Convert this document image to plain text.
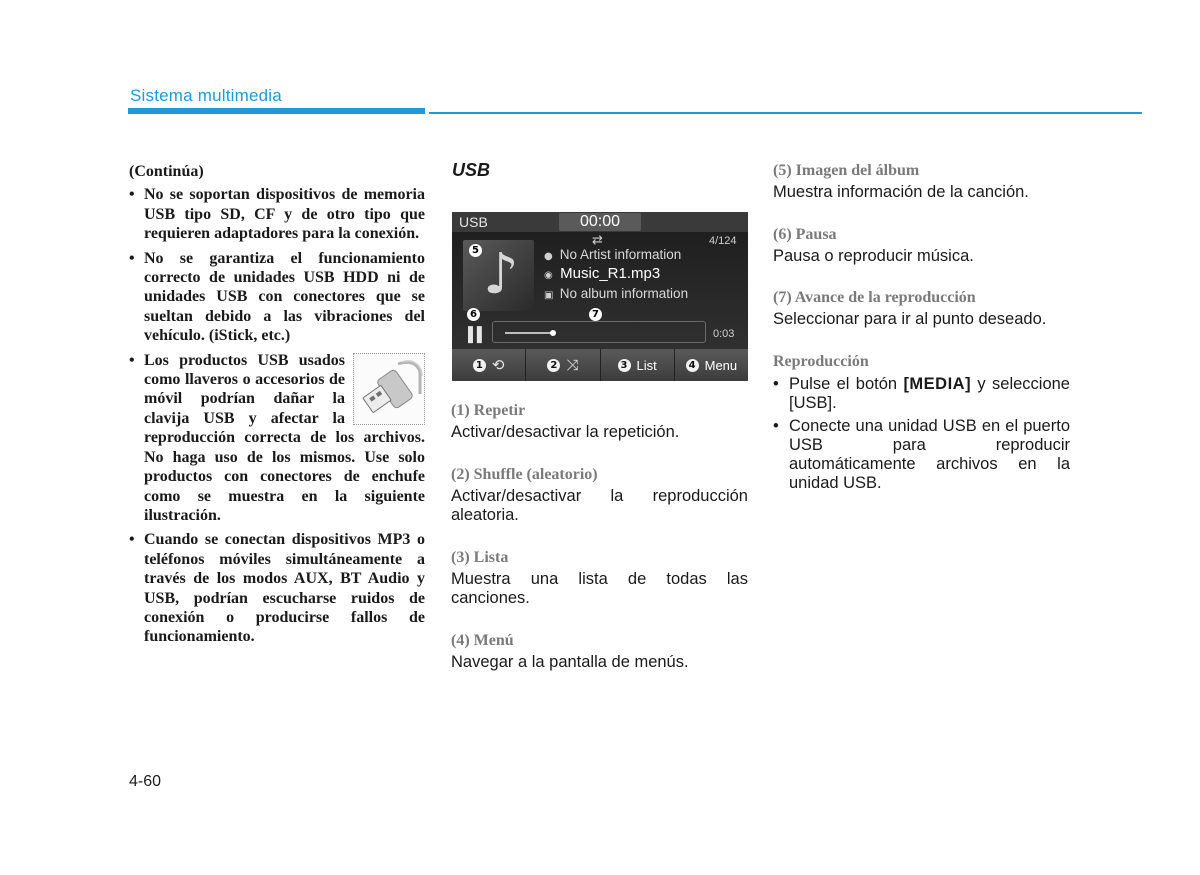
Sistema multimedia

(Continúa)

• No se soportan dispositivos de memoria USB tipo SD, CF y de otro tipo que requieren adaptadores para la conexión.
• No se garantiza el funcionamiento correcto de unidades USB HDD ni de unidades USB con conectores que se sueltan debido a las vibraciones del vehículo. (iStick, etc.)
• Los productos USB usados como llaveros o accesorios de móvil podrían dañar la clavija USB y afectar la reproducción correcta de los archivos. No haga uso de los mismos. Use solo productos con conectores de enchufe como se muestra en la siguiente ilustración.
• Cuando se conectan dispositivos MP3 o teléfonos móviles simultáneamente a través de los modos AUX, BT Audio y USB, podrían escucharse ruidos de conexión o producirse fallos de funcionamiento.
USB
USB	00:00
♪
5
⇄	4/124
● No Artist information
◉ Music_R1.mp3
▣ No album information
6	7
▌▌	0:03
1 ⟲	2 ⤨	3 List	4 Menu

(1) Repetir

Activar/desactivar la repetición.

(2) Shuffle (aleatorio)

Activar/desactivar la reproducción aleatoria.

(3) Lista

Muestra una lista de todas las canciones.

(4) Menú

Navegar a la pantalla de menús.

(5) Imagen del álbum

Muestra información de la canción.

(6) Pausa

Pausa o reproducir música.

(7) Avance de la reproducción

Seleccionar para ir al punto deseado.

Reproducción

• Pulse el botón [MEDIA] y seleccione [USB].
• Conecte una unidad USB en el puerto USB para reproducir automáticamente archivos en la unidad USB.
4-60
